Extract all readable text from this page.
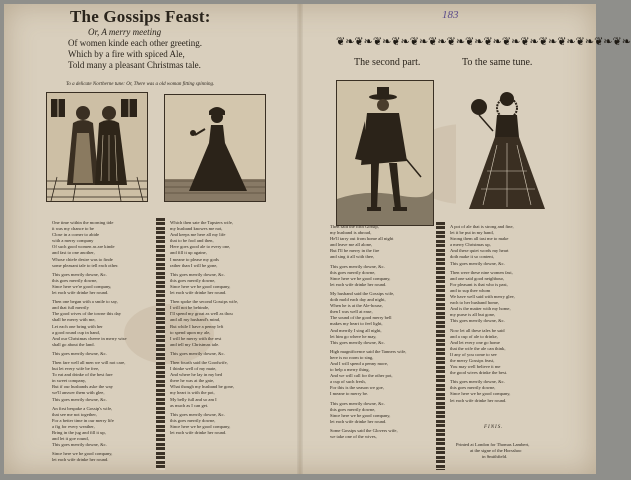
The Gossips Feast:
Or, A merry meeting
Of women kinde each other greeting.
Which by a fire with spiced Ale,
Told many a pleasant Christmas tale.
To a delicate Northerne tune: Or, There was a old woman fitting spinning.
183
❦❧❦❧❦❧❦❧❦❧❦❧❦❧❦❧❦❧❦❧❦❧❦❧❦❧❦❧❦❧❦❧
The second part.	To the same tune.
One time within the morning tide
it was my chance to be
Close in a corner to abide
with a merry company
Of such good women as are kinde
and fast to one another,
Whose chiefe desire was to finde
some pleasant tale to tell each other.
This goes merrily downe, &c.
this goes merrily downe,
Since here we're good company,
let each wife drinke her round.
Then one began with a smile to say,
and that full merrily
The good wives of the towne this day
shall be merry with me,
Let each one bring with her
a good round cup in hand,
And our Christmas cheere in merry wise
shall go about the land.
This goes merrily downe, &c.
Then fare well all men we will not care,
but let every wife be free,
To eat and drinke of the best fare
in sweet company,
But if our husbands aske the way
we'll answer them with glee,
This goes merrily downe, &c.
An first bespake a Gossip's wife,
that see me not together,
For a better time in our merry life
a fig for every weather,
Bring in the jug and fill it up,
and let it goe round,
This goes merrily downe, &c.
Since here we be good company,
let each wife drinke her round.
Which then sate the Tapsters wife,
my husband knowes me not,
And keeps me here all my life
that to be fool and then,
Here goes good ale to every one,
and fill it up againe,
I meane to please my gods
rather than I will be gone,
This goes merrily downe, &c.
this goes merrily downe,
Since here we be good company,
let each wife drinke her round.
Then spoke the second Gossips wife,
I will not be behinde,
I'll spend my groat as well as thou
and all my husband's mind,
But while I have a penny left
to spend upon my ale,
I will be merry with the rest
and tell my Christmas tale.
This goes merrily downe, &c.
Then fourth said the Goodwife,
I thinke well of my mate,
And where he lay in my bed
there he was at the gate,
What though my husband be gone,
my heart is with the pot,
My belly full and so am I
as much as I can get.
This goes merrily downe, &c.
this goes merrily downe,
Since here we be good company,
let each wife drinke her round.
Then said the fifth Gossip,
my husband is abroad,
He'll tarry out from home all night
and leave me all alone,
But I'll be merry in the fire
and sing it all with thee,
This goes merrily downe, &c.
this goes merrily downe,
Since here we be good company,
let each wife drinke her round.
My husband said the Gossips wife,
doth mold each day and night,
When he is at the Ale-house,
then I was well at ease,
The sound of the good merry bell
makes my heart to feel light,
And merrily I sing all night,
let him go where he may,
This goes merrily downe, &c.
High magnificence said the Tanners wife,
here is no room to sing,
And I will spend a penny more,
to help a merry thing,
And we will call for the other pot,
a cup of such fresh,
For this is the season we goe,
I meane to merry be.
This goes merrily downe, &c.
this goes merrily downe,
Since here we be good company,
let each wife drinke her round.
Some Gossips said the Glovers wife,
we take one of the wives,
A pot of ale that is strong and fine,
let it be put in my hand,
Strong them all tast me to make
a merry Christmas up,
And these quiet words my heart
doth make it so content,
This goes merrily downe, &c.
Then were these nine women fast,
and one said good neighbour,
For pleasant is that who is past,
and to sup thee whom
We have well said with merry glee,
each to her husband home,
And is the matter with my home,
my purse is all but gone,
This goes merrily downe, &c.
Now let all these tales be said
and a cup of ale to drinke,
And let every one go home
that the wife the ale can think,
If any of you come to see
the merry Gossips feast,
You may well believe it me
the good wives drinke the best.
This goes merrily downe, &c.
this goes merrily downe,
Since here we be good company,
let each wife drinke her round.
FINIS.
Printed at London for Thomas Lambert,
at the signe of the Horsshoo
in Smithfield.
